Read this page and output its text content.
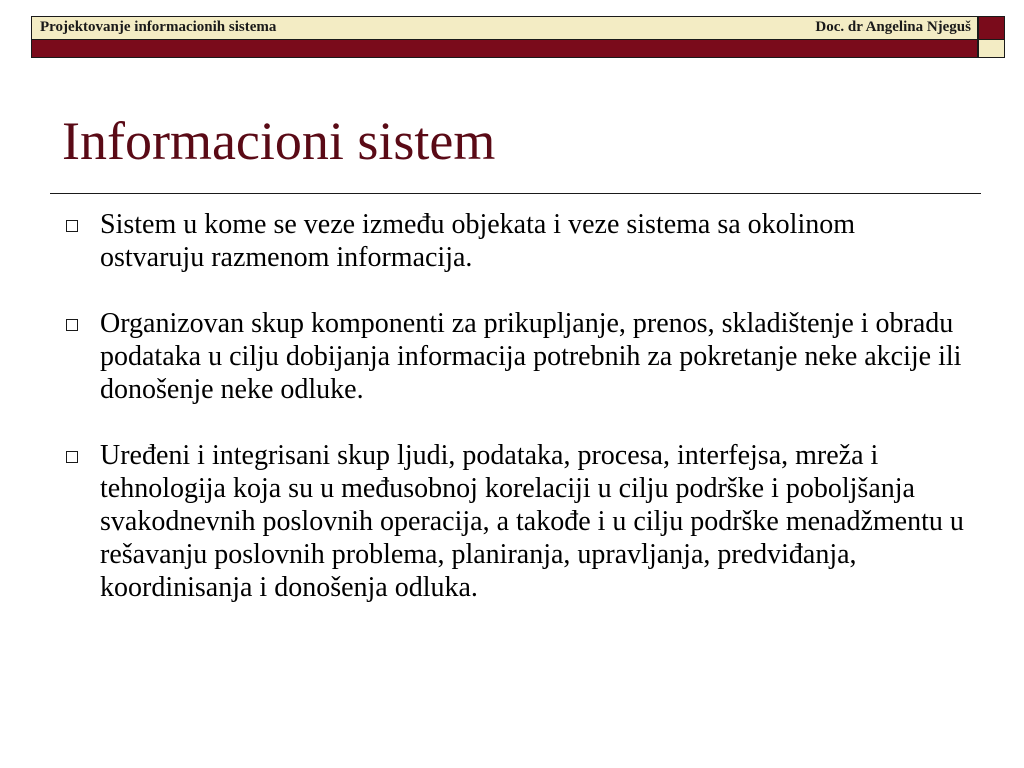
Projektovanje informacionih sistema	Doc. dr Angelina Njeguš
Informacioni sistem
Sistem u kome se veze između objekata i veze sistema sa okolinom ostvaruju razmenom informacija.
Organizovan skup komponenti za prikupljanje, prenos, skladištenje i obradu podataka u cilju dobijanja informacija potrebnih za pokretanje neke akcije ili donošenje neke odluke.
Uređeni i integrisani skup ljudi, podataka, procesa, interfejsa, mreža i tehnologija koja su u međusobnoj korelaciji u cilju podrške i poboljšanja svakodnevnih poslovnih operacija, a takođe i u cilju podrške menadžmentu u rešavanju poslovnih problema, planiranja, upravljanja, predviđanja, koordinisanja i donošenja odluka.
